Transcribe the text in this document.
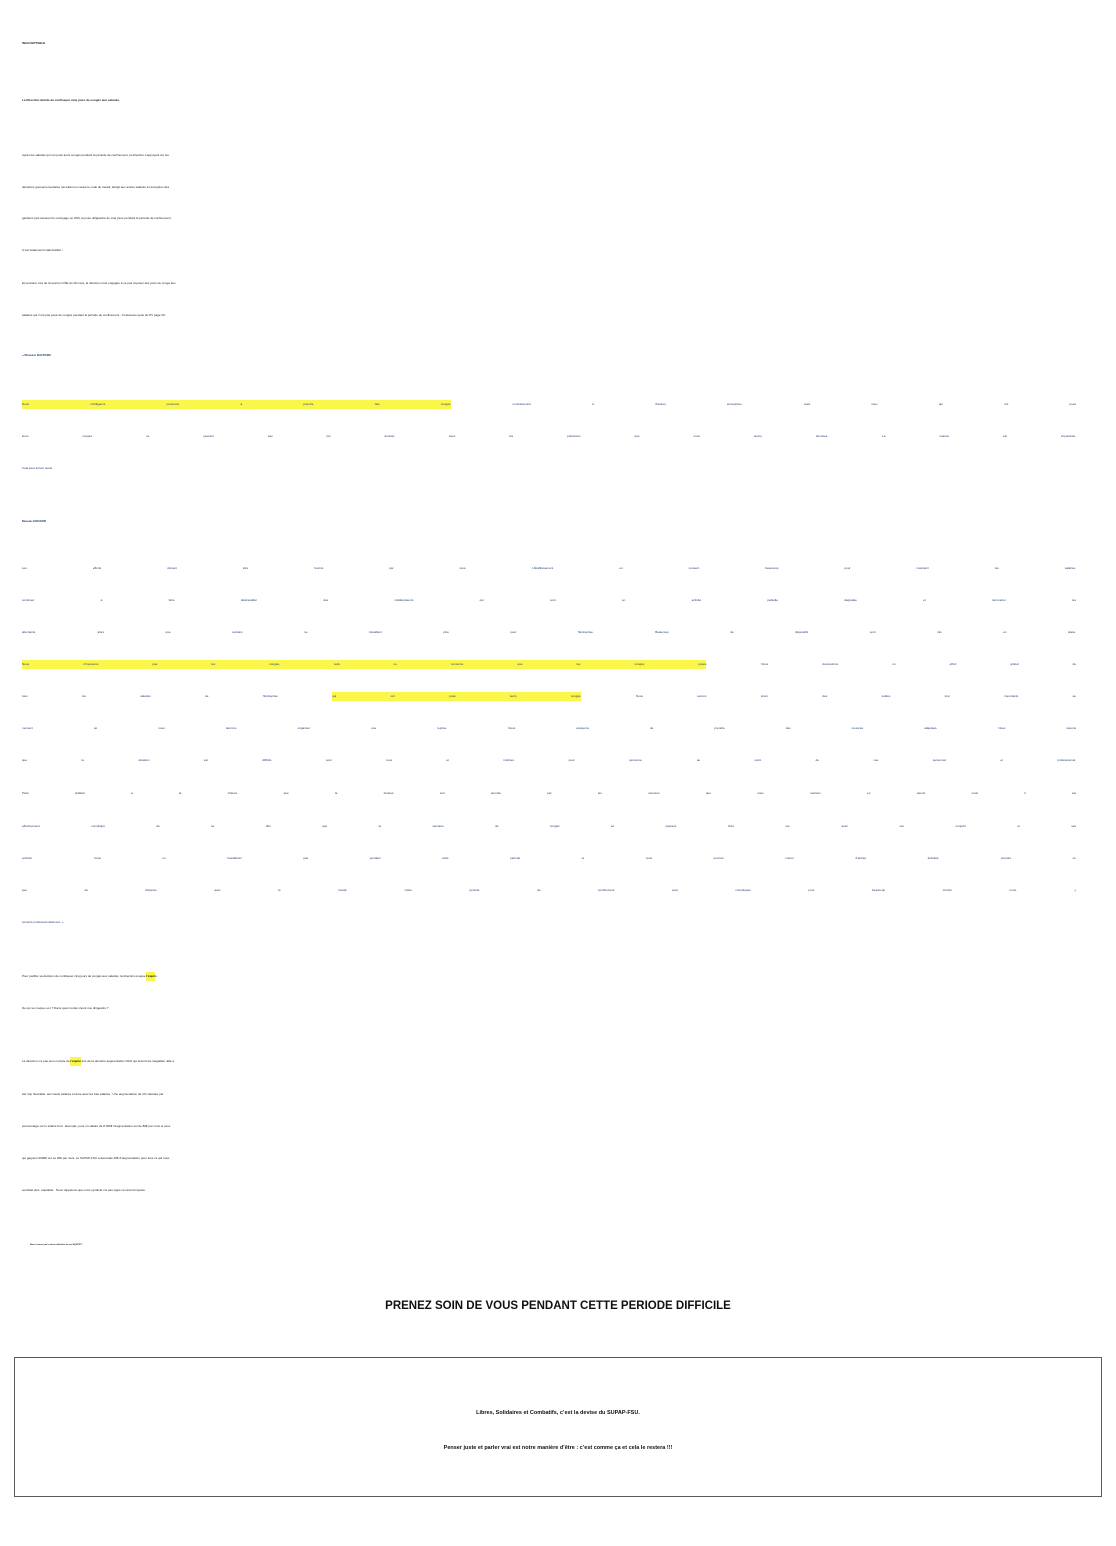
INACCEPTABLE
La Direction décide de confisquer cinq jours de congés aux salariés.
Après les salariés qui ont posé leurs congés pendant la période de confinement, la direction s’appuyant sur les
décisions gouvernementales remettant en cause le code du travail, élargit aux autres salariés à l’exception des
gardiens (qui assurent le nettoyage ou OM), la pose obligatoire de cinq jours pendant la période de confinement,
C’est totalement inadmissible !
Et pourtant, lors de la réunion CSE du 19 mars, la direction s’est engagée à ne pas imposer des jours de congé aux
salariés qui n’ont pas posé de congés pendant la période de confinement : Ci-dessous texte du PV page 29.
« Monsieur DAUPHIN
Nous n’obligeons personne à prendre des congés, contrairement à d’autres entreprises, mais ceux qui ont posé
leurs congés ne peuvent pas les annuler, avec les précisions que nous avons données. La nuance est importante.
Cela peut arriver aussi.
Madame GODARD
Les efforts doivent être fournis par tous. L’Établissement en consent beaucoup pour maintenir les salaires,
continuer à faire télétravailler des collaborateurs qui sont en activité partielle dégradée et rémunérer les
alternants, alors que certains ne travaillent plus pour l’Entreprise. Beaucoup de dispositifs sont mis en place.
Nous n’imposons pas les congés, cela ne concerne que les congés posés. Nous demandons un effort global de
tous les salariés de l’Entreprise qui ont posé leurs congés. Nous aurons sinon des soldes trop importants au
moment où nous devrons organiser une reprise. Nous essayons de prendre des mesures adaptées. Nous savons
que la situation est difficile pour tous et indolore pour personne, au point de vue personnel et professionnel.
Paris Habitat a la chance que la douleur soit amortie par les mesures que nous mettons en œuvre mais il est
effectivement compliqué de se dire que la semaine de congés se passera chez soi, avec son conjoint et ses
enfants. Vous ne travaillerez pas pendant cette période et vous pourrez mener d’autres activités, prendre un
peu de distance avec le travail. Cette période de confinement sera compliquée pour beaucoup d’entre nous, y
compris professionnellement. »
Pour justifier sa décision de confisquer cinq jours de congés aux salariés, la direction évoque l’équité.
De qui se moque-t-on ? Dans quel monde vivent nos dirigeants ?
La direction n’a pas tenu compte de l’équité lors de la dernière augmentation NAO qui accroît les inégalités. Elle a
été trop favorable  aux hauts salaires et dure avec les bas salaires : Une augmentation de 1% calculée par
pourcentage sur le salaire brut.  Exemple, pour un salaire de 8 000€ l’augmentation est de 80€ par mois et ceux
qui gagnent 2000€ ont eu 20€ par mois. Le SUPAP-FSU a demandé 30€ d’augmentation pour tous ce qui nous
semblait plus  équitable.  Nous rappelons que notre syndicat n’a pas signé cet accord injuste.
Nous n’avons pas la même définition du mot EQUITE!!!
PRENEZ SOIN DE VOUS PENDANT CETTE PERIODE DIFFICILE
Libres, Solidaires et Combatifs, c’est la devise du SUPAP-FSU.
Penser juste et parler vrai est notre manière d’être : c’est comme ça et cela le restera !!!
